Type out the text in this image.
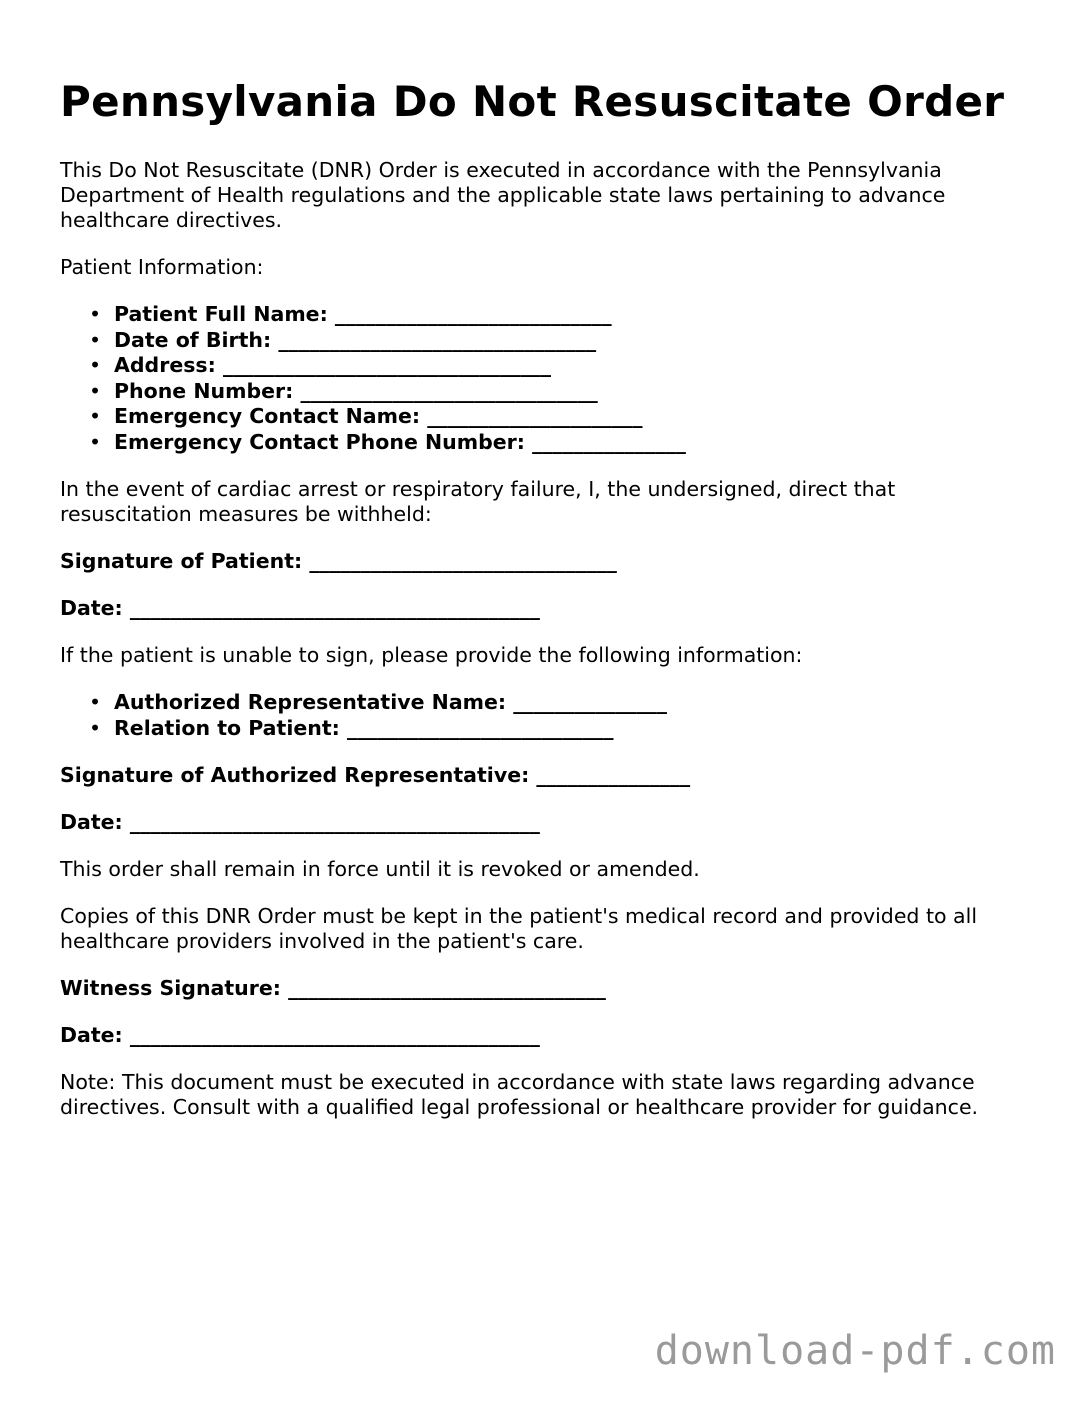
Pennsylvania Do Not Resuscitate Order

This Do Not Resuscitate (DNR) Order is executed in accordance with the Pennsylvania Department of Health regulations and the applicable state laws pertaining to advance healthcare directives.

Patient Information:

• Patient Full Name: ___________________________
• Date of Birth: _______________________________
• Address: ________________________________
• Phone Number: _____________________________
• Emergency Contact Name: _____________________
• Emergency Contact Phone Number: _______________

In the event of cardiac arrest or respiratory failure, I, the undersigned, direct that resuscitation measures be withheld:

Signature of Patient: ______________________________

Date: ________________________________________

If the patient is unable to sign, please provide the following information:

• Authorized Representative Name: _______________
• Relation to Patient: __________________________

Signature of Authorized Representative: _______________

Date: ________________________________________

This order shall remain in force until it is revoked or amended.

Copies of this DNR Order must be kept in the patient's medical record and provided to all healthcare providers involved in the patient's care.

Witness Signature: _______________________________

Date: ________________________________________

Note: This document must be executed in accordance with state laws regarding advance directives. Consult with a qualified legal professional or healthcare provider for guidance.

download-pdf.com
